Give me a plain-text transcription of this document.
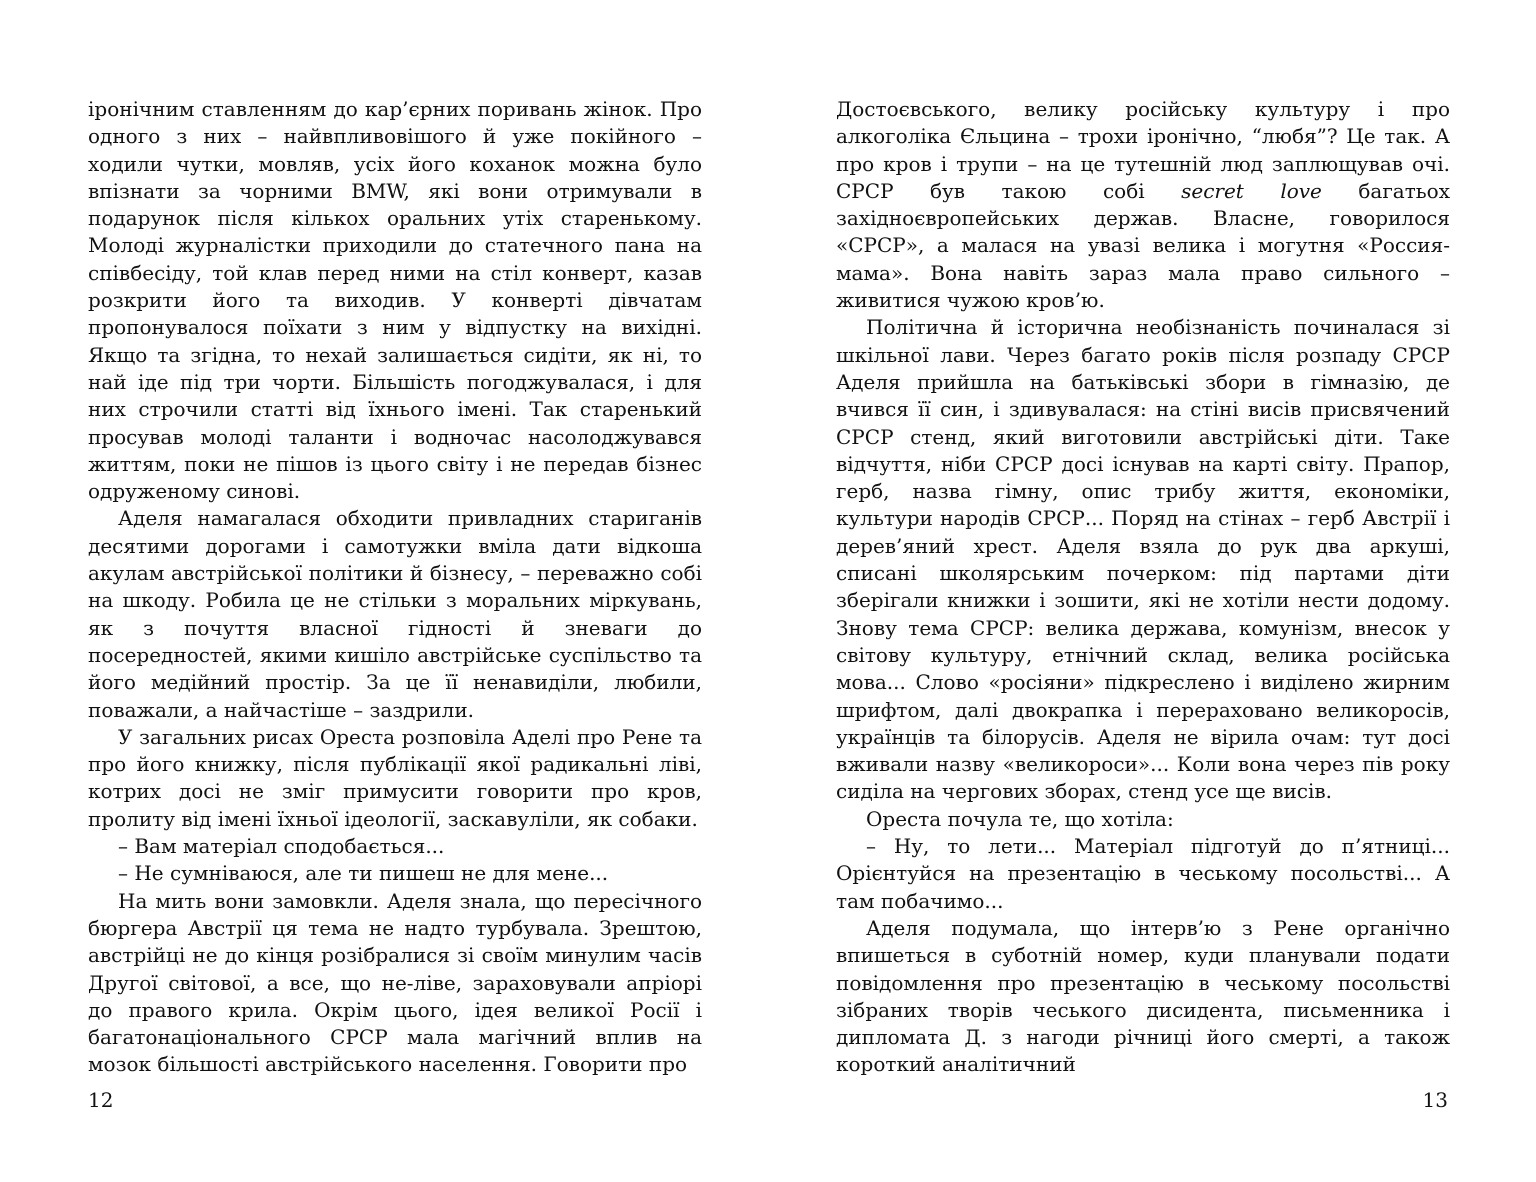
іронічним ставленням до кар’єрних поривань жінок. Про одного з них – найвпливовішого й уже покійного – ходили чутки, мовляв, усіх його коханок можна було впізнати за чорними BMW, які вони отримували в подарунок після кількох оральних утіх старенькому. Молоді журналістки приходили до статечного пана на співбесіду, той клав перед ними на стіл конверт, казав розкрити його та виходив. У конверті дівчатам пропонувалося поїхати з ним у відпустку на вихідні. Якщо та згідна, то нехай залишається сидіти, як ні, то най іде під три чорти. Більшість погоджувалася, і для них строчили статті від їхнього імені. Так старенький просував молоді таланти і водночас насолоджувався життям, поки не пішов із цього світу і не передав бізнес одруженому синові.

Аделя намагалася обходити привладних стариганів десятими дорогами і самотужки вміла дати відкоша акулам австрійської політики й бізнесу, – переважно собі на шкоду. Робила це не стільки з моральних міркувань, як з почуття власної гідності й зневаги до посередностей, якими кишіло австрійське суспільство та його медійний простір. За це її ненавиділи, любили, поважали, а найчастіше – заздрили.

У загальних рисах Ореста розповіла Аделі про Рене та про його книжку, після публікації якої радикальні ліві, котрих досі не зміг примусити говорити про кров, пролиту від імені їхньої ідеології, заскавуліли, як собаки.

– Вам матеріал сподобається...

– Не сумніваюся, але ти пишеш не для мене...

На мить вони замовкли. Аделя знала, що пересічного бюргера Австрії ця тема не надто турбувала. Зрештою, австрійці не до кінця розібралися зі своїм минулим часів Другої світової, а все, що не-ліве, зараховували апріорі до правого крила. Окрім цього, ідея великої Росії і багатонаціонального СРСР мала магічний вплив на мозок більшості австрійського населення. Говорити про

Достоєвського, велику російську культуру і про алкоголіка Єльцина – трохи іронічно, “любя”? Це так. А про кров і трупи – на це тутешній люд заплющував очі. СРСР був такою собі secret love багатьох західноєвропейських держав. Власне, говорилося «СРСР», а малася на увазі велика і могутня «Россия-мама». Вона навіть зараз мала право сильного – живитися чужою кров’ю.

Політична й історична необізнаність починалася зі шкільної лави. Через багато років після розпаду СРСР Аделя прийшла на батьківські збори в гімназію, де вчився її син, і здивувалася: на стіні висів присвячений СРСР стенд, який виготовили австрійські діти. Таке відчуття, ніби СРСР досі існував на карті світу. Прапор, герб, назва гімну, опис трибу життя, економіки, культури народів СРСР... Поряд на стінах – герб Австрії і дерев’яний хрест. Аделя взяла до рук два аркуші, списані школярським почерком: під партами діти зберігали книжки і зошити, які не хотіли нести додому. Знову тема СРСР: велика держава, комунізм, внесок у світову культуру, етнічний склад, велика російська мова... Слово «росіяни» підкреслено і виділено жирним шрифтом, далі двокрапка і перераховано великоросів, українців та білорусів. Аделя не вірила очам: тут досі вживали назву «великороси»... Коли вона через пів року сиділа на чергових зборах, стенд усе ще висів.

Ореста почула те, що хотіла:

– Ну, то лети... Матеріал підготуй до п’ятниці... Орієнтуйся на презентацію в чеському посольстві... А там побачимо...

Аделя подумала, що інтерв’ю з Рене органічно впишеться в суботній номер, куди планували подати повідомлення про презентацію в чеському посольстві зібраних творів чеського дисидента, письменника і дипломата Д. з нагоди річниці його смерті, а також короткий аналітичний

12	13
